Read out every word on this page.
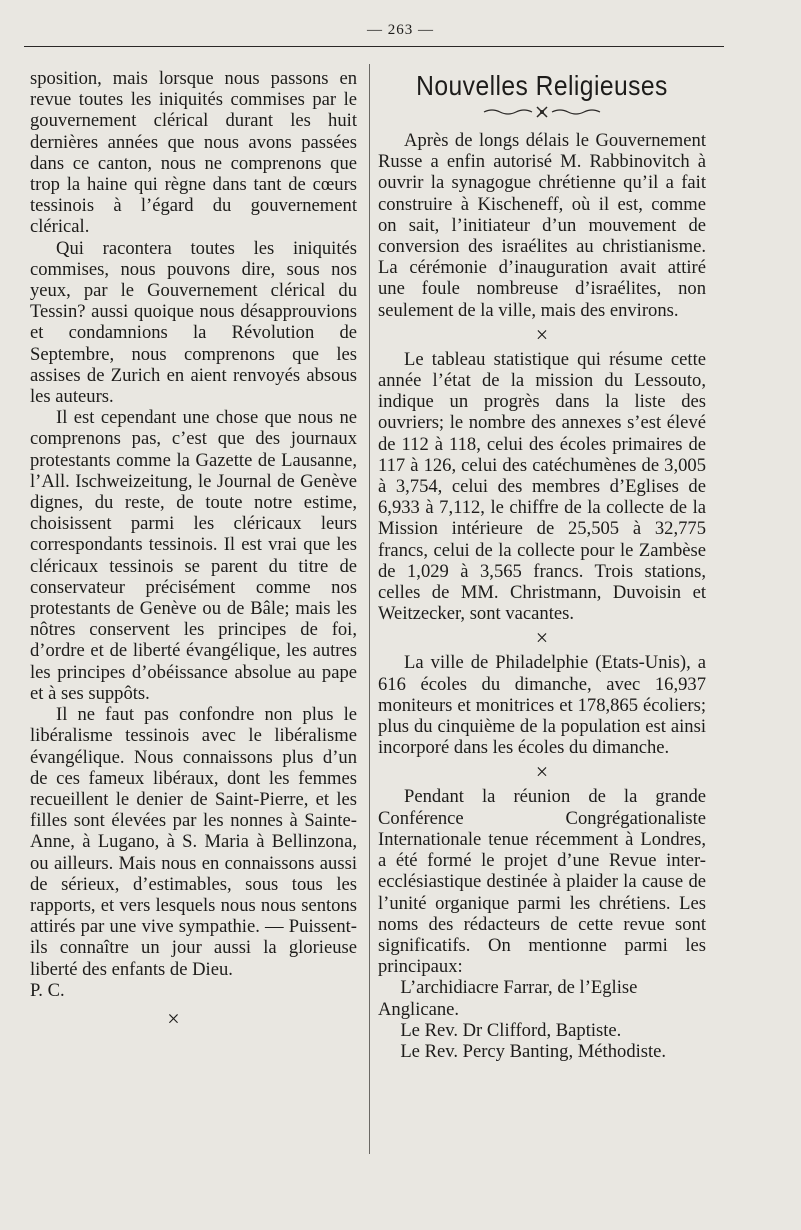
— 263 —

sposition, mais lorsque nous passons en revue toutes les iniquités commises par le gouvernement clérical durant les huit dernières années que nous avons passées dans ce canton, nous ne comprenons que trop la haine qui règne dans tant de cœurs tessinois à l’égard du gouvernement clérical.

Qui racontera toutes les iniquités commises, nous pouvons dire, sous nos yeux, par le Gouvernement clérical du Tessin? aussi quoique nous désapprouvions et condamnions la Révolution de Septembre, nous comprenons que les assises de Zurich en aient renvoyés absous les auteurs.

Il est cependant une chose que nous ne comprenons pas, c’est que des journaux protestants comme la Gazette de Lausanne, l’All. Ischweizeitung, le Journal de Genève dignes, du reste, de toute notre estime, choisissent parmi les cléricaux leurs correspondants tessinois. Il est vrai que les cléricaux tessinois se parent du titre de conservateur précisément comme nos protestants de Genève ou de Bâle; mais les nôtres conservent les principes de foi, d’ordre et de liberté évangélique, les autres les principes d’obéissance absolue au pape et à ses suppôts.

Il ne faut pas confondre non plus le libéralisme tessinois avec le libéralisme évangélique. Nous connaissons plus d’un de ces fameux libéraux, dont les femmes recueillent le denier de Saint-Pierre, et les filles sont élevées par les nonnes à Sainte-Anne, à Lugano, à S. Maria à Bellinzona, ou ailleurs. Mais nous en connaissons aussi de sérieux, d’estimables, sous tous les rapports, et vers lesquels nous nous sentons attirés par une vive sympathie. — Puissent-ils connaître un jour aussi la glorieuse liberté des enfants de Dieu.

P. C.

×
Nouvelles Religieuses

Après de longs délais le Gouvernement Russe a enfin autorisé M. Rabbinovitch à ouvrir la synagogue chrétienne qu’il a fait construire à Kischeneff, où il est, comme on sait, l’initiateur d’un mouvement de conversion des israélites au christianisme. La cérémonie d’inauguration avait attiré une foule nombreuse d’israélites, non seulement de la ville, mais des environs.

×

Le tableau statistique qui résume cette année l’état de la mission du Lessouto, indique un progrès dans la liste des ouvriers; le nombre des annexes s’est élevé de 112 à 118, celui des écoles primaires de 117 à 126, celui des catéchumènes de 3,005 à 3,754, celui des membres d’Eglises de 6,933 à 7,112, le chiffre de la collecte de la Mission intérieure de 25,505 à 32,775 francs, celui de la collecte pour le Zambèse de 1,029 à 3,565 francs. Trois stations, celles de MM. Christmann, Duvoisin et Weitzecker, sont vacantes.

×

La ville de Philadelphie (Etats-Unis), a 616 écoles du dimanche, avec 16,937 moniteurs et monitrices et 178,865 écoliers; plus du cinquième de la population est ainsi incorporé dans les écoles du dimanche.

×

Pendant la réunion de la grande Conférence Congrégationaliste Internationale tenue récemment à Londres, a été formé le projet d’une Revue inter-ecclésiastique destinée à plaider la cause de l’unité organique parmi les chrétiens. Les noms des rédacteurs de cette revue sont significatifs. On mentionne parmi les principaux:

L’archidiacre Farrar, de l’Eglise Anglicane.

Le Rev. Dr Clifford, Baptiste.

Le Rev. Percy Banting, Méthodiste.
